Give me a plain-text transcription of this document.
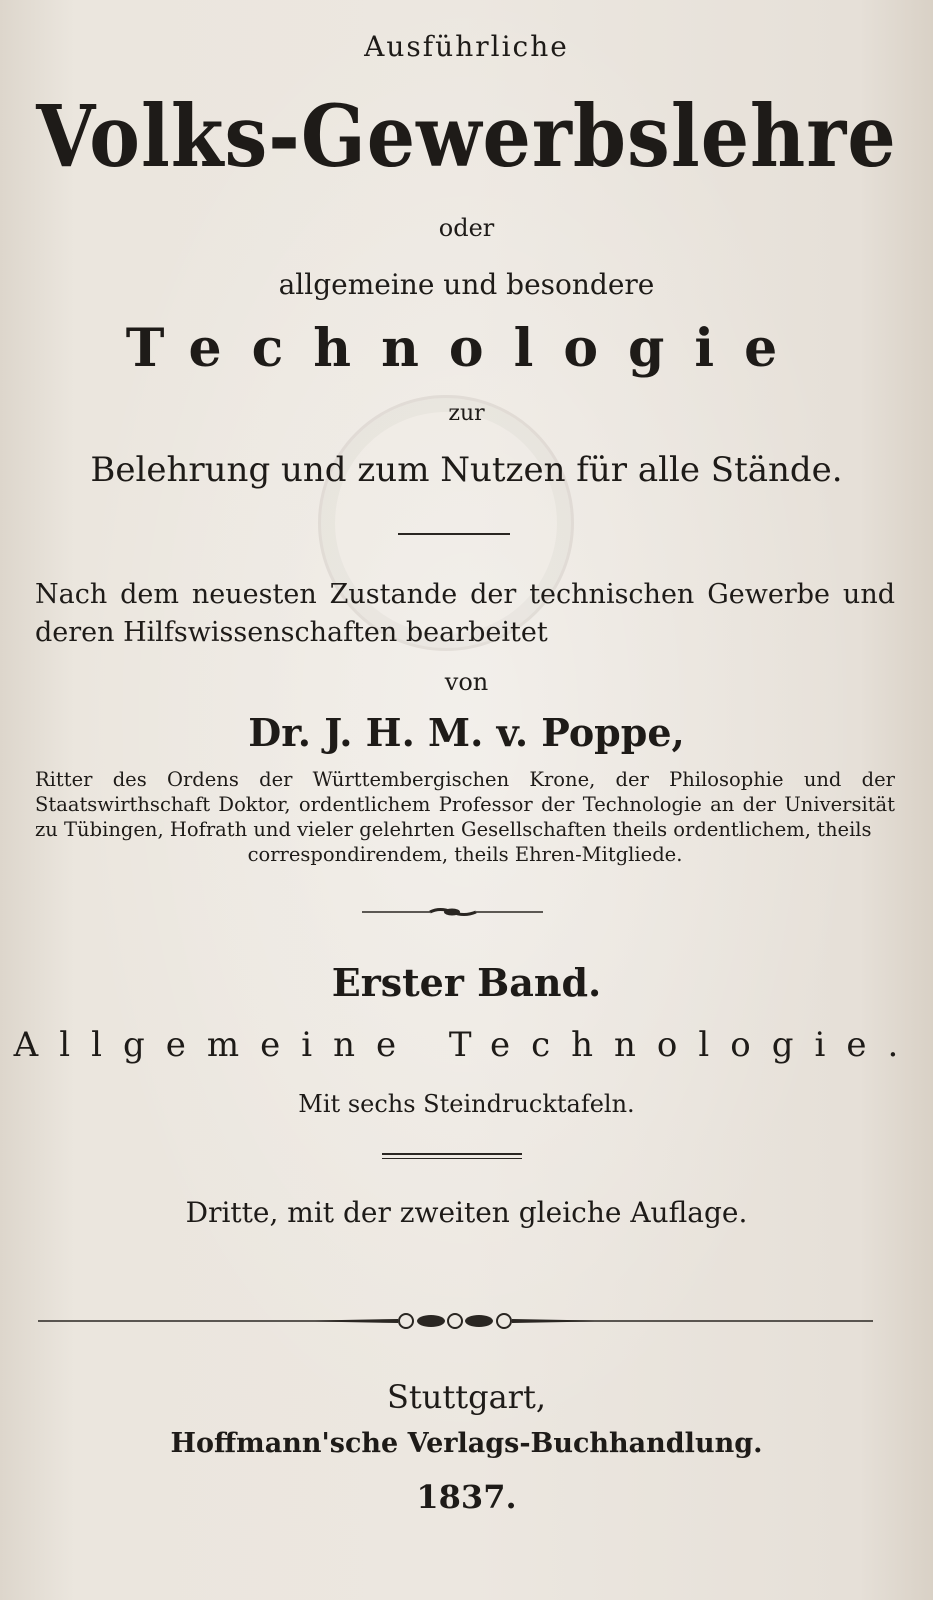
Ausführliche
Volks-Gewerbslehre
oder
allgemeine und besondere
Technologie
zur
Belehrung und zum Nutzen für alle Stände.
Nach dem neuesten Zustande der technischen Gewerbe und deren Hilfswissenschaften bearbeitet
von
Dr. J. H. M. v. Poppe,
Ritter des Ordens der Württembergischen Krone, der Philosophie und der Staatswirthschaft Doktor, ordentlichem Professor der Technologie an der Universität zu Tübingen, Hofrath und vieler gelehrten Gesellschaften theils ordentlichem, theils
correspondirendem, theils Ehren-Mitgliede.
Erster Band.
Allgemeine Technologie.
Mit sechs Steindrucktafeln.
Dritte, mit der zweiten gleiche Auflage.
Stuttgart,
Hoffmann'sche Verlags-Buchhandlung.
1837.
